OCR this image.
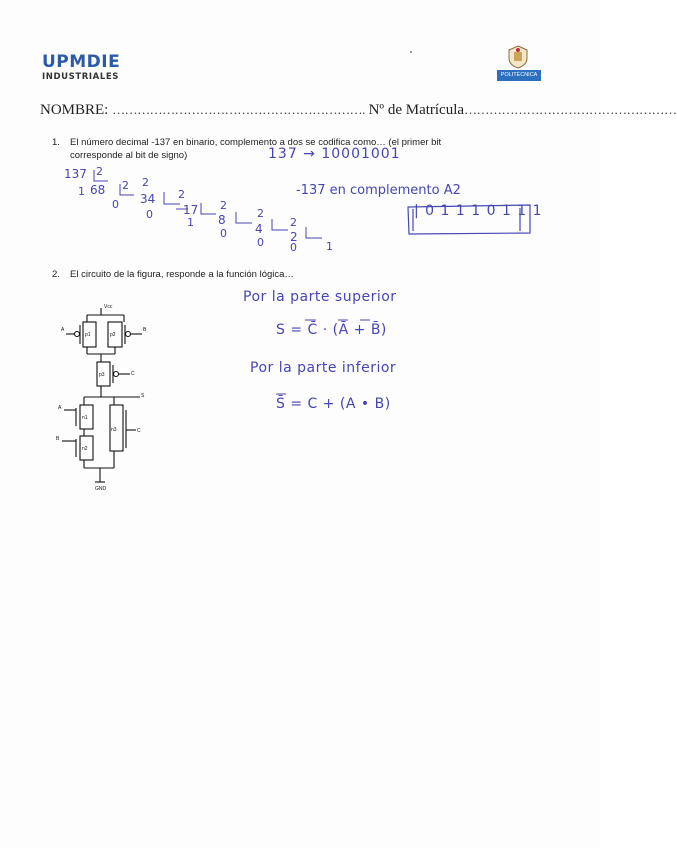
UPMDIE
INDUSTRIALES	POLITÉCNICA
NOMBRE: ……………………………………………………. Nº de Matrícula……………………………………………
1. El número decimal -137 en binario, complemento a dos se codifica como… (el primer bit
corresponde al bit de signo)
2. El circuito de la figura, responde a la función lógica…
137 → 10001001
-137 en complemento A2
| 0 1 1 1 0 1 1 1
137 2
1 68 2
0 34
2
0	17
2
1 8
2
0 4
2
0 2
2
0	1
Por la parte superior
S = C̄ · (Ā + B̄)
Por la parte inferior
S̄ = C + (A • B)
Vcc
GND
S
A	B
C
A
B
C
p1	p2
p3
n1
n2
n3
